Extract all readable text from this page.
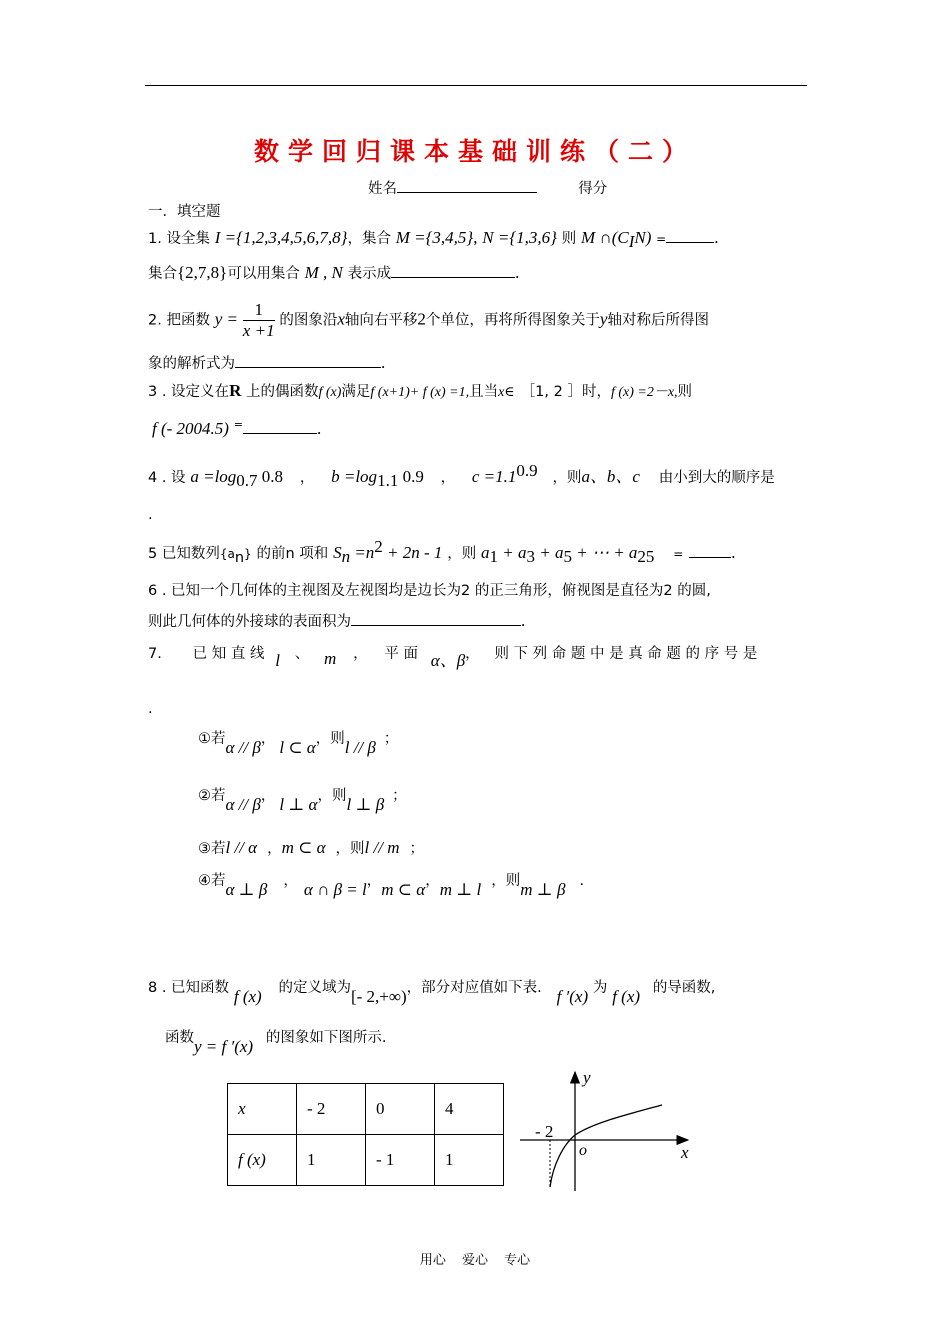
数学回归课本基础训练（二）
姓名	得分
一．填空题
1. 设全集 I ={1,2,3,4,5,6,7,8}，集合 M ={3,4,5}, N ={1,3,6} 则 M $\cap(C_IN)$ =	.
集合{2,7,8}可以用集合 M , N 表示成	.
2. 把函数 $y = \frac{1}{x +1}$ 的图象沿x轴向右平移2个单位，再将所得图象关于y轴对称后所得图
象的解析式为	.
3 . 设定义在R 上的偶函数f (x)满足f (x+1)+ f (x) =1,且当x∈ ［1, 2 ］时，f (x) =2－x,则
f (- 2004.5) =	.
4 . 设 $a =\log_{0.7}$ 0.8 ， $b =\log_{1.1}$ 0.9 ， $c =1.1^{0.9}$ ，则a、b、c 由小到大的顺序是
.
5 已知数列$\{a_n\}$ 的前n 项和 $S_n =n^2 + 2n - 1$ ，则 $a_1 + a_3 + a_5$ + ⋯ + $a_{25}$ =	.
6 . 已知一个几何体的主视图及左视图均是边长为2 的正三角形，俯视图是直径为2 的圆,
则此几何体的外接球的表面积为	.
7. 已 知 直 线 l 、 m ， 平 面 α、β， 则 下 列 命 题 中 是 真 命 题 的 序 号 是
.
①若α // β， l ⊂ α，则l // β ；
②若α // β， l ⊥ α，则l ⊥ β ；
③若l // α ，m ⊂ α ，则l // m ；
④若α ⊥ β ， α ∩ β = l，m ⊂ α，m ⊥ l ，则m ⊥ β .
8 . 已知函数 f (x) 的定义域为[- 2,+∞)，部分对应值如下表. f ′(x) 为 f (x) 的导函数,
函数y = f ′(x) 的图象如下图所示.
x	- 2	0	4
f (x)	1	- 1	1
y
x
o
- 2
用心 爱心 专心
